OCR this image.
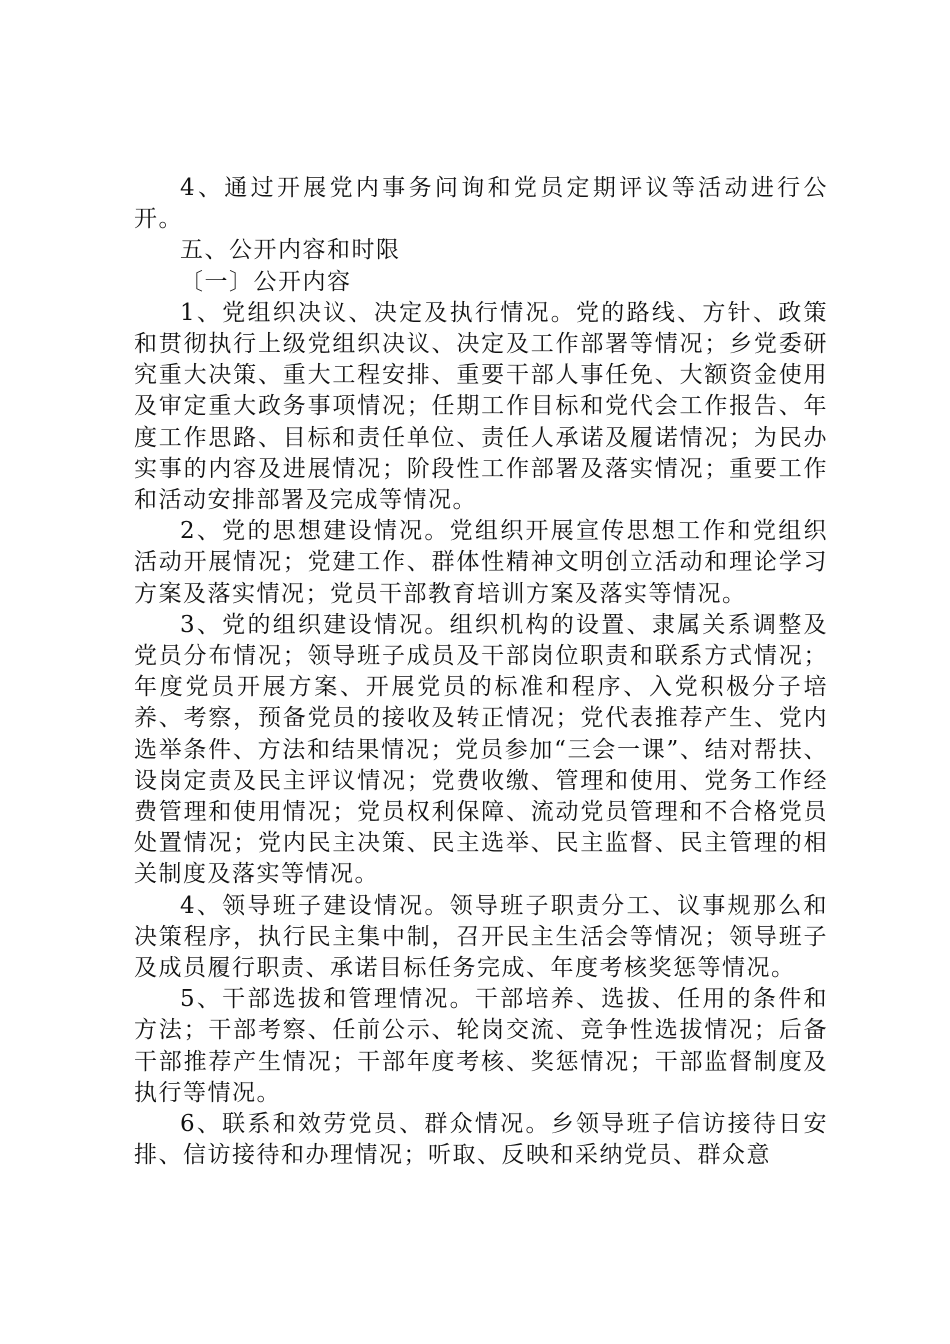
4、通过开展党内事务问询和党员定期评议等活动进行公开。

五、公开内容和时限

〔一〕公开内容

1、党组织决议、决定及执行情况。党的路线、方针、政策和贯彻执行上级党组织决议、决定及工作部署等情况；乡党委研究重大决策、重大工程安排、重要干部人事任免、大额资金使用及审定重大政务事项情况；任期工作目标和党代会工作报告、年度工作思路、目标和责任单位、责任人承诺及履诺情况；为民办实事的内容及进展情况；阶段性工作部署及落实情况；重要工作和活动安排部署及完成等情况。

2、党的思想建设情况。党组织开展宣传思想工作和党组织活动开展情况；党建工作、群体性精神文明创立活动和理论学习方案及落实情况；党员干部教育培训方案及落实等情况。

3、党的组织建设情况。组织机构的设置、隶属关系调整及党员分布情况；领导班子成员及干部岗位职责和联系方式情况；年度党员开展方案、开展党员的标准和程序、入党积极分子培养、考察，预备党员的接收及转正情况；党代表推荐产生、党内选举条件、方法和结果情况；党员参加“三会一课”、结对帮扶、设岗定责及民主评议情况；党费收缴、管理和使用、党务工作经费管理和使用情况；党员权利保障、流动党员管理和不合格党员处置情况；党内民主决策、民主选举、民主监督、民主管理的相关制度及落实等情况。

4、领导班子建设情况。领导班子职责分工、议事规那么和决策程序，执行民主集中制，召开民主生活会等情况；领导班子及成员履行职责、承诺目标任务完成、年度考核奖惩等情况。

5、干部选拔和管理情况。干部培养、选拔、任用的条件和方法；干部考察、任前公示、轮岗交流、竞争性选拔情况；后备干部推荐产生情况；干部年度考核、奖惩情况；干部监督制度及执行等情况。

6、联系和效劳党员、群众情况。乡领导班子信访接待日安排、信访接待和办理情况；听取、反映和采纳党员、群众意
